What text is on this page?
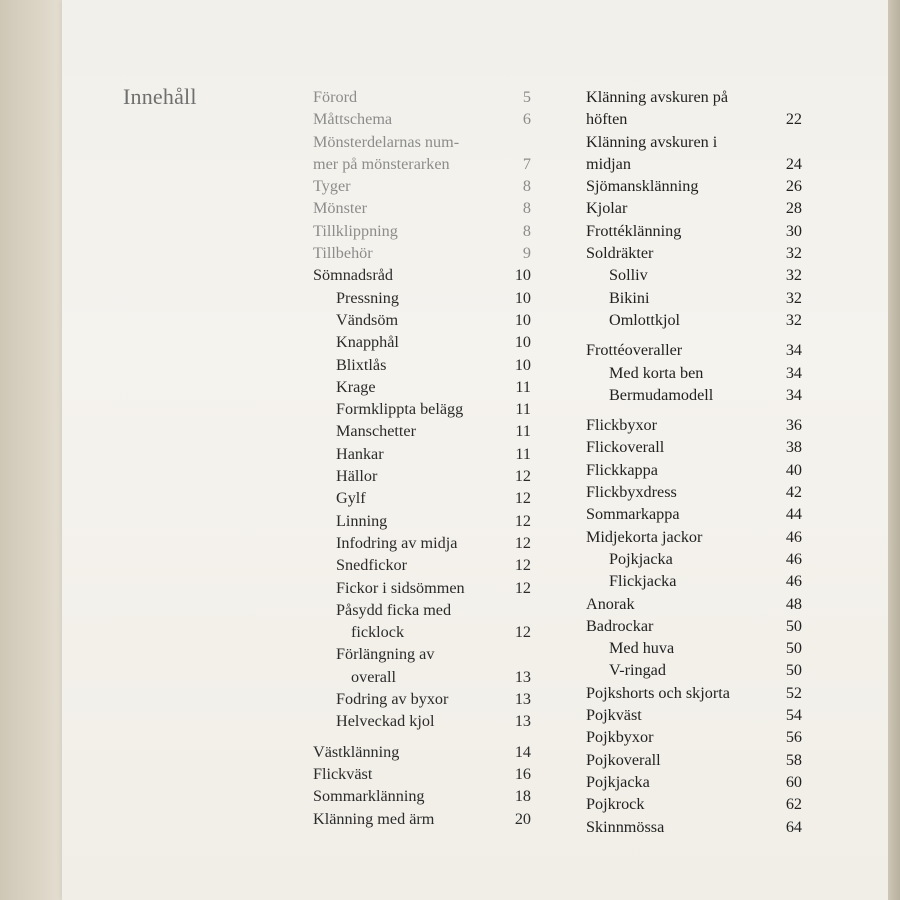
Innehåll	Förord	5
Måttschema	6
Mönsterdelarnas num-
mer på mönsterarken	7
Tyger	8
Mönster	8
Tillklippning	8
Tillbehör	9
Sömnadsråd	10
Pressning	10
Vändsöm	10
Knapphål	10
Blixtlås	10
Krage	11
Formklippta belägg	11
Manschetter	11
Hankar	11
Hällor	12
Gylf	12
Linning	12
Infodring av midja	12
Snedfickor	12
Fickor i sidsömmen	12
Påsydd ficka med
ficklock	12
Förlängning av
overall	13
Fodring av byxor	13
Helveckad kjol	13
Västklänning	14
Flickväst	16
Sommarklänning	18
Klänning med ärm	20
Klänning avskuren på
höften	22
Klänning avskuren i
midjan	24
Sjömansklänning	26
Kjolar	28
Frottéklänning	30
Soldräkter	32
Solliv	32
Bikini	32
Omlottkjol	32
Frottéoveraller	34
Med korta ben	34
Bermudamodell	34
Flickbyxor	36
Flickoverall	38
Flickkappa	40
Flickbyxdress	42
Sommarkappa	44
Midjekorta jackor	46
Pojkjacka	46
Flickjacka	46
Anorak	48
Badrockar	50
Med huva	50
V-ringad	50
Pojkshorts och skjorta	52
Pojkväst	54
Pojkbyxor	56
Pojkoverall	58
Pojkjacka	60
Pojkrock	62
Skinnmössa	64
